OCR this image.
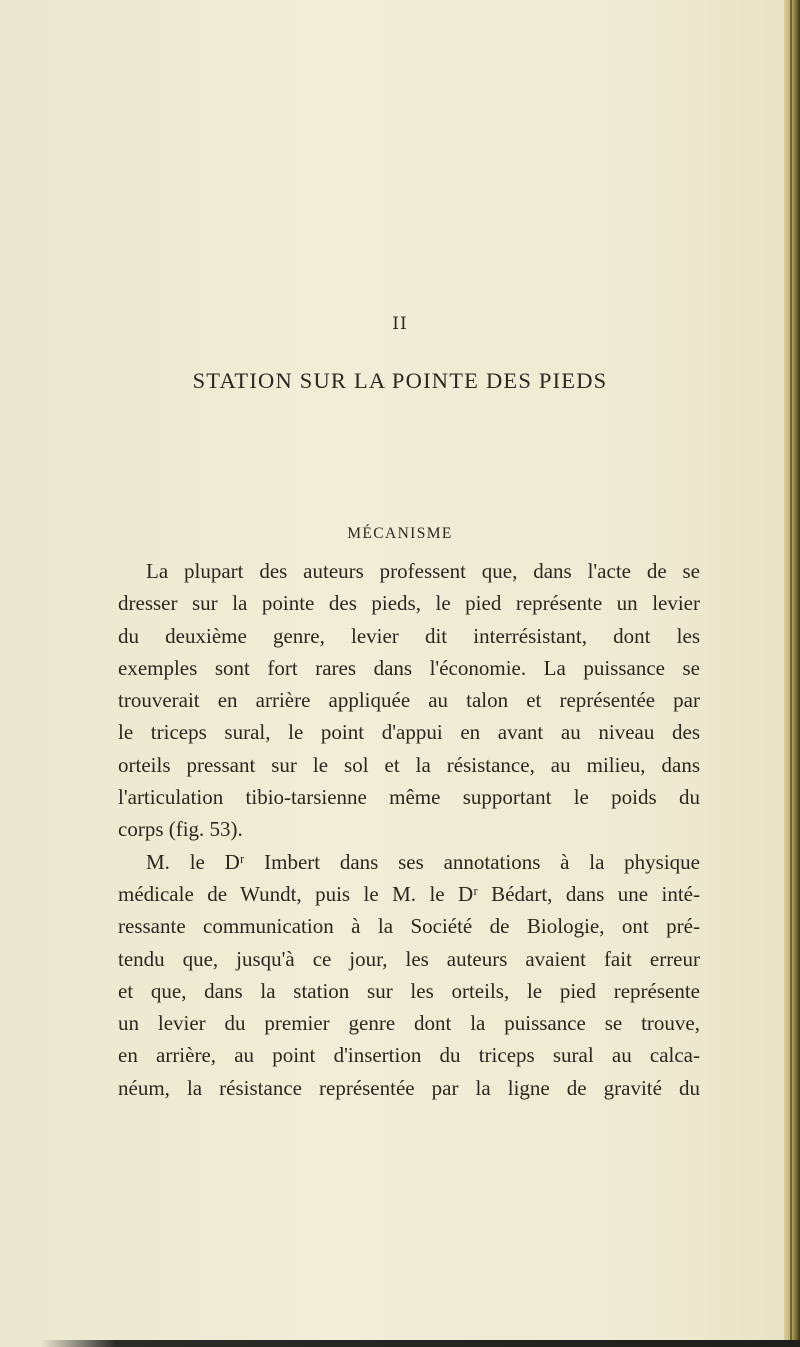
II
STATION SUR LA POINTE DES PIEDS
MÉCANISME
La plupart des auteurs professent que, dans l'acte de se
dresser sur la pointe des pieds, le pied représente un levier
du deuxième genre, levier dit interrésistant, dont les
exemples sont fort rares dans l'économie. La puissance se
trouverait en arrière appliquée au talon et représentée par
le triceps sural, le point d'appui en avant au niveau des
orteils pressant sur le sol et la résistance, au milieu, dans
l'articulation tibio-tarsienne même supportant le poids du
corps (fig. 53).
M. le Dʳ Imbert dans ses annotations à la physique
médicale de Wundt, puis le M. le Dʳ Bédart, dans une inté-
ressante communication à la Société de Biologie, ont pré-
tendu que, jusqu'à ce jour, les auteurs avaient fait erreur
et que, dans la station sur les orteils, le pied représente
un levier du premier genre dont la puissance se trouve,
en arrière, au point d'insertion du triceps sural au calca-
néum, la résistance représentée par la ligne de gravité du
